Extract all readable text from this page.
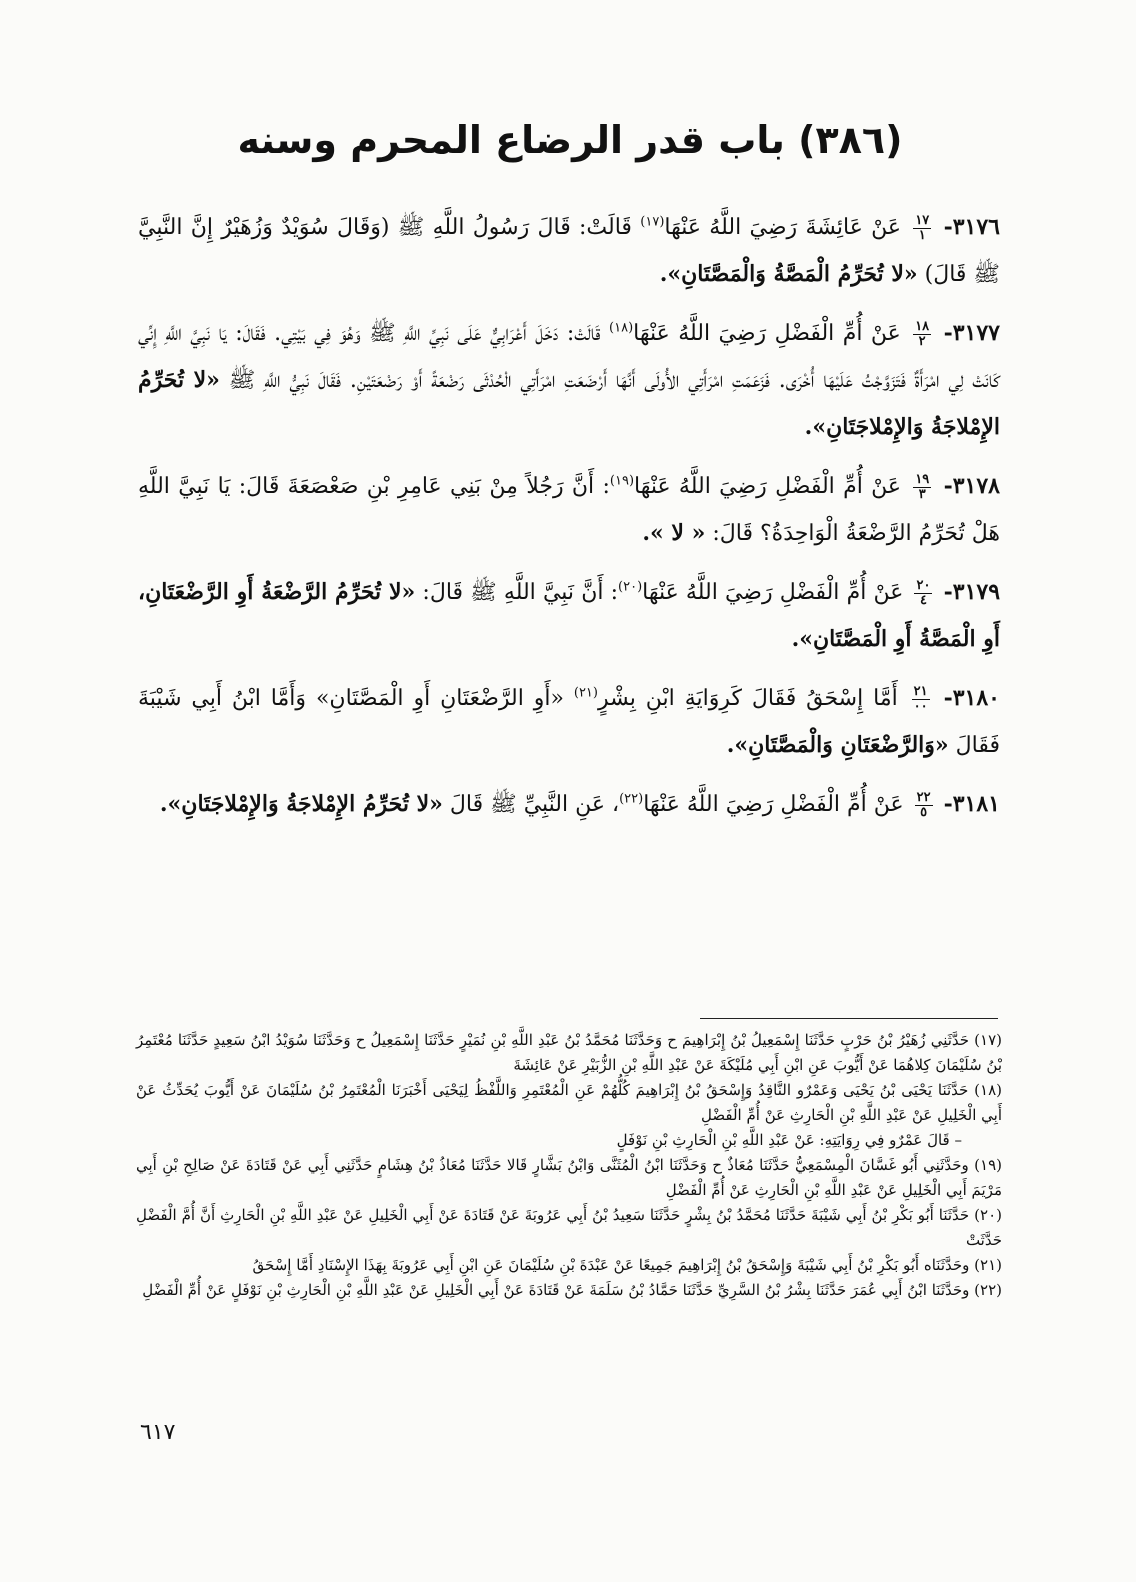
(٣٨٦) باب قدر الرضاع المحرم وسنه

٣١٧٦-
$\frac{١٧}{١}$
عَنْ عَائِشَةَ رَضِيَ اللَّهُ عَنْهَا$^{(١٧)}$ قَالَتْ: قَالَ رَسُولُ اللَّهِ ﷺ (وَقَالَ سُوَيْدٌ وَزُهَيْرٌ إِنَّ النَّبِيَّ ﷺ قَالَ) «لا تُحَرِّمُ الْمَصَّةُ وَالْمَصَّتَانِ».

٣١٧٧-
$\frac{١٨}{٢}$
عَنْ أُمِّ الْفَضْلِ رَضِيَ اللَّهُ عَنْهَا$^{(١٨)}$ قَالَتْ: دَخَلَ أَعْرَابِيٌّ عَلَى نَبِيِّ اللَّهِ ﷺ وَهُوَ فِي بَيْتِي. فَقَالَ: يَا نَبِيَّ اللَّهِ إِنِّي كَانَتْ لِي امْرَأَةٌ فَتَزَوَّجْتُ عَلَيْهَا أُخْرَى. فَزَعَمَتِ امْرَأَتِي الأُولَى أَنَّهَا أَرْضَعَتِ امْرَأَتِي الْحُدْثَى رَضْعَةً أَوْ رَضْعَتَيْنِ. فَقَالَ نَبِيُّ اللَّهِ ﷺ «لا تُحَرِّمُ الإِمْلاجَةُ وَالإِمْلاجَتَانِ».

٣١٧٨-
$\frac{١٩}{٣}$
عَنْ أُمِّ الْفَضْلِ رَضِيَ اللَّهُ عَنْهَا$^{(١٩)}$: أَنَّ رَجُلاً مِنْ بَنِي عَامِرِ بْنِ صَعْصَعَةَ قَالَ: يَا نَبِيَّ اللَّهِ هَلْ تُحَرِّمُ الرَّضْعَةُ الْوَاحِدَةُ؟ قَالَ: « لا ».

٣١٧٩-
$\frac{٢٠}{٤}$
عَنْ أُمِّ الْفَضْلِ رَضِيَ اللَّهُ عَنْهَا$^{(٢٠)}$: أَنَّ نَبِيَّ اللَّهِ ﷺ قَالَ: «لا تُحَرِّمُ الرَّضْعَةُ أَوِ الرَّضْعَتَانِ، أَوِ الْمَصَّةُ أَوِ الْمَصَّتَانِ».

٣١٨٠-
$\frac{٢١}{٠٠}$
أَمَّا إِسْحَقُ فَقَالَ كَرِوَايَةِ ابْنِ بِشْرٍ$^{(٢١)}$ «أَوِ الرَّضْعَتَانِ أَوِ الْمَصَّتَانِ» وَأَمَّا ابْنُ أَبِي شَيْبَةَ فَقَالَ «وَالرَّضْعَتَانِ وَالْمَصَّتَانِ».

٣١٨١-
$\frac{٢٢}{٥}$
عَنْ أُمِّ الْفَضْلِ رَضِيَ اللَّهُ عَنْهَا$^{(٢٢)}$، عَنِ النَّبِيِّ ﷺ قَالَ «لا تُحَرِّمُ الإِمْلاجَةُ وَالإِمْلاجَتَانِ».

(١٧) حَدَّثَنِي زُهَيْرُ بْنُ حَرْبٍ حَدَّثَنَا إِسْمَعِيلُ بْنُ إِبْرَاهِيمَ ح وَحَدَّثَنَا مُحَمَّدُ بْنُ عَبْدِ اللَّهِ بْنِ نُمَيْرٍ حَدَّثَنَا إِسْمَعِيلُ ح وَحَدَّثَنَا سُوَيْدُ ابْنُ سَعِيدٍ حَدَّثَنَا مُعْتَمِرُ بْنُ سُلَيْمَانَ كِلاهُمَا عَنْ أَيُّوبَ عَنِ ابْنِ أَبِي مُلَيْكَةَ عَنْ عَبْدِ اللَّهِ بْنِ الزُّبَيْرِ عَنْ عَائِشَةَ

(١٨) حَدَّثَنَا يَحْيَى بْنُ يَحْيَى وَعَمْرٌو النَّاقِدُ وَإِسْحَقُ بْنُ إِبْرَاهِيمَ كُلُّهُمْ عَنِ الْمُعْتَمِرِ وَاللَّفْظُ لِيَحْيَى أَخْبَرَنَا الْمُعْتَمِرُ بْنُ سُلَيْمَانَ عَنْ أَيُّوبَ يُحَدِّثُ عَنْ أَبِي الْخَلِيلِ عَنْ عَبْدِ اللَّهِ بْنِ الْحَارِثِ عَنْ أُمِّ الْفَضْلِ

– قَالَ عَمْرٌو فِي رِوَايَتِهِ: عَنْ عَبْدِ اللَّهِ بْنِ الْحَارِثِ بْنِ نَوْفَلٍ

(١٩) وحَدَّثَنِي أَبُو غَسَّانَ الْمِسْمَعِيُّ حَدَّثَنَا مُعَاذٌ ح وَحَدَّثَنَا ابْنُ الْمُثَنَّى وَابْنُ بَشَّارٍ قَالا حَدَّثَنَا مُعَاذُ بْنُ هِشَامٍ حَدَّثَنِي أَبِي عَنْ قَتَادَةَ عَنْ صَالِحِ بْنِ أَبِي مَرْيَمَ أَبِي الْخَلِيلِ عَنْ عَبْدِ اللَّهِ بْنِ الْحَارِثِ عَنْ أُمِّ الْفَضْلِ

(٢٠) حَدَّثَنَا أَبُو بَكْرِ بْنُ أَبِي شَيْبَةَ حَدَّثَنَا مُحَمَّدُ بْنُ بِشْرٍ حَدَّثَنَا سَعِيدُ بْنُ أَبِي عَرُوبَةَ عَنْ قَتَادَةَ عَنْ أَبِي الْخَلِيلِ عَنْ عَبْدِ اللَّهِ بْنِ الْحَارِثِ أَنَّ أُمَّ الْفَضْلِ حَدَّثَتْ

(٢١) وحَدَّثَنَاه أَبُو بَكْرِ بْنُ أَبِي شَيْبَةَ وَإِسْحَقُ بْنُ إِبْرَاهِيمَ جَمِيعًا عَنْ عَبْدَةَ بْنِ سُلَيْمَانَ عَنِ ابْنِ أَبِي عَرُوبَةَ بِهَذَا الإِسْنَادِ أَمَّا إِسْحَقُ

(٢٢) وحَدَّثَنَا ابْنُ أَبِي عُمَرَ حَدَّثَنَا بِشْرُ بْنُ السَّرِيِّ حَدَّثَنَا حَمَّادُ بْنُ سَلَمَةَ عَنْ قَتَادَةَ عَنْ أَبِي الْخَلِيلِ عَنْ عَبْدِ اللَّهِ بْنِ الْحَارِثِ بْنِ نَوْفَلٍ عَنْ أُمِّ الْفَضْلِ

٦١٧
